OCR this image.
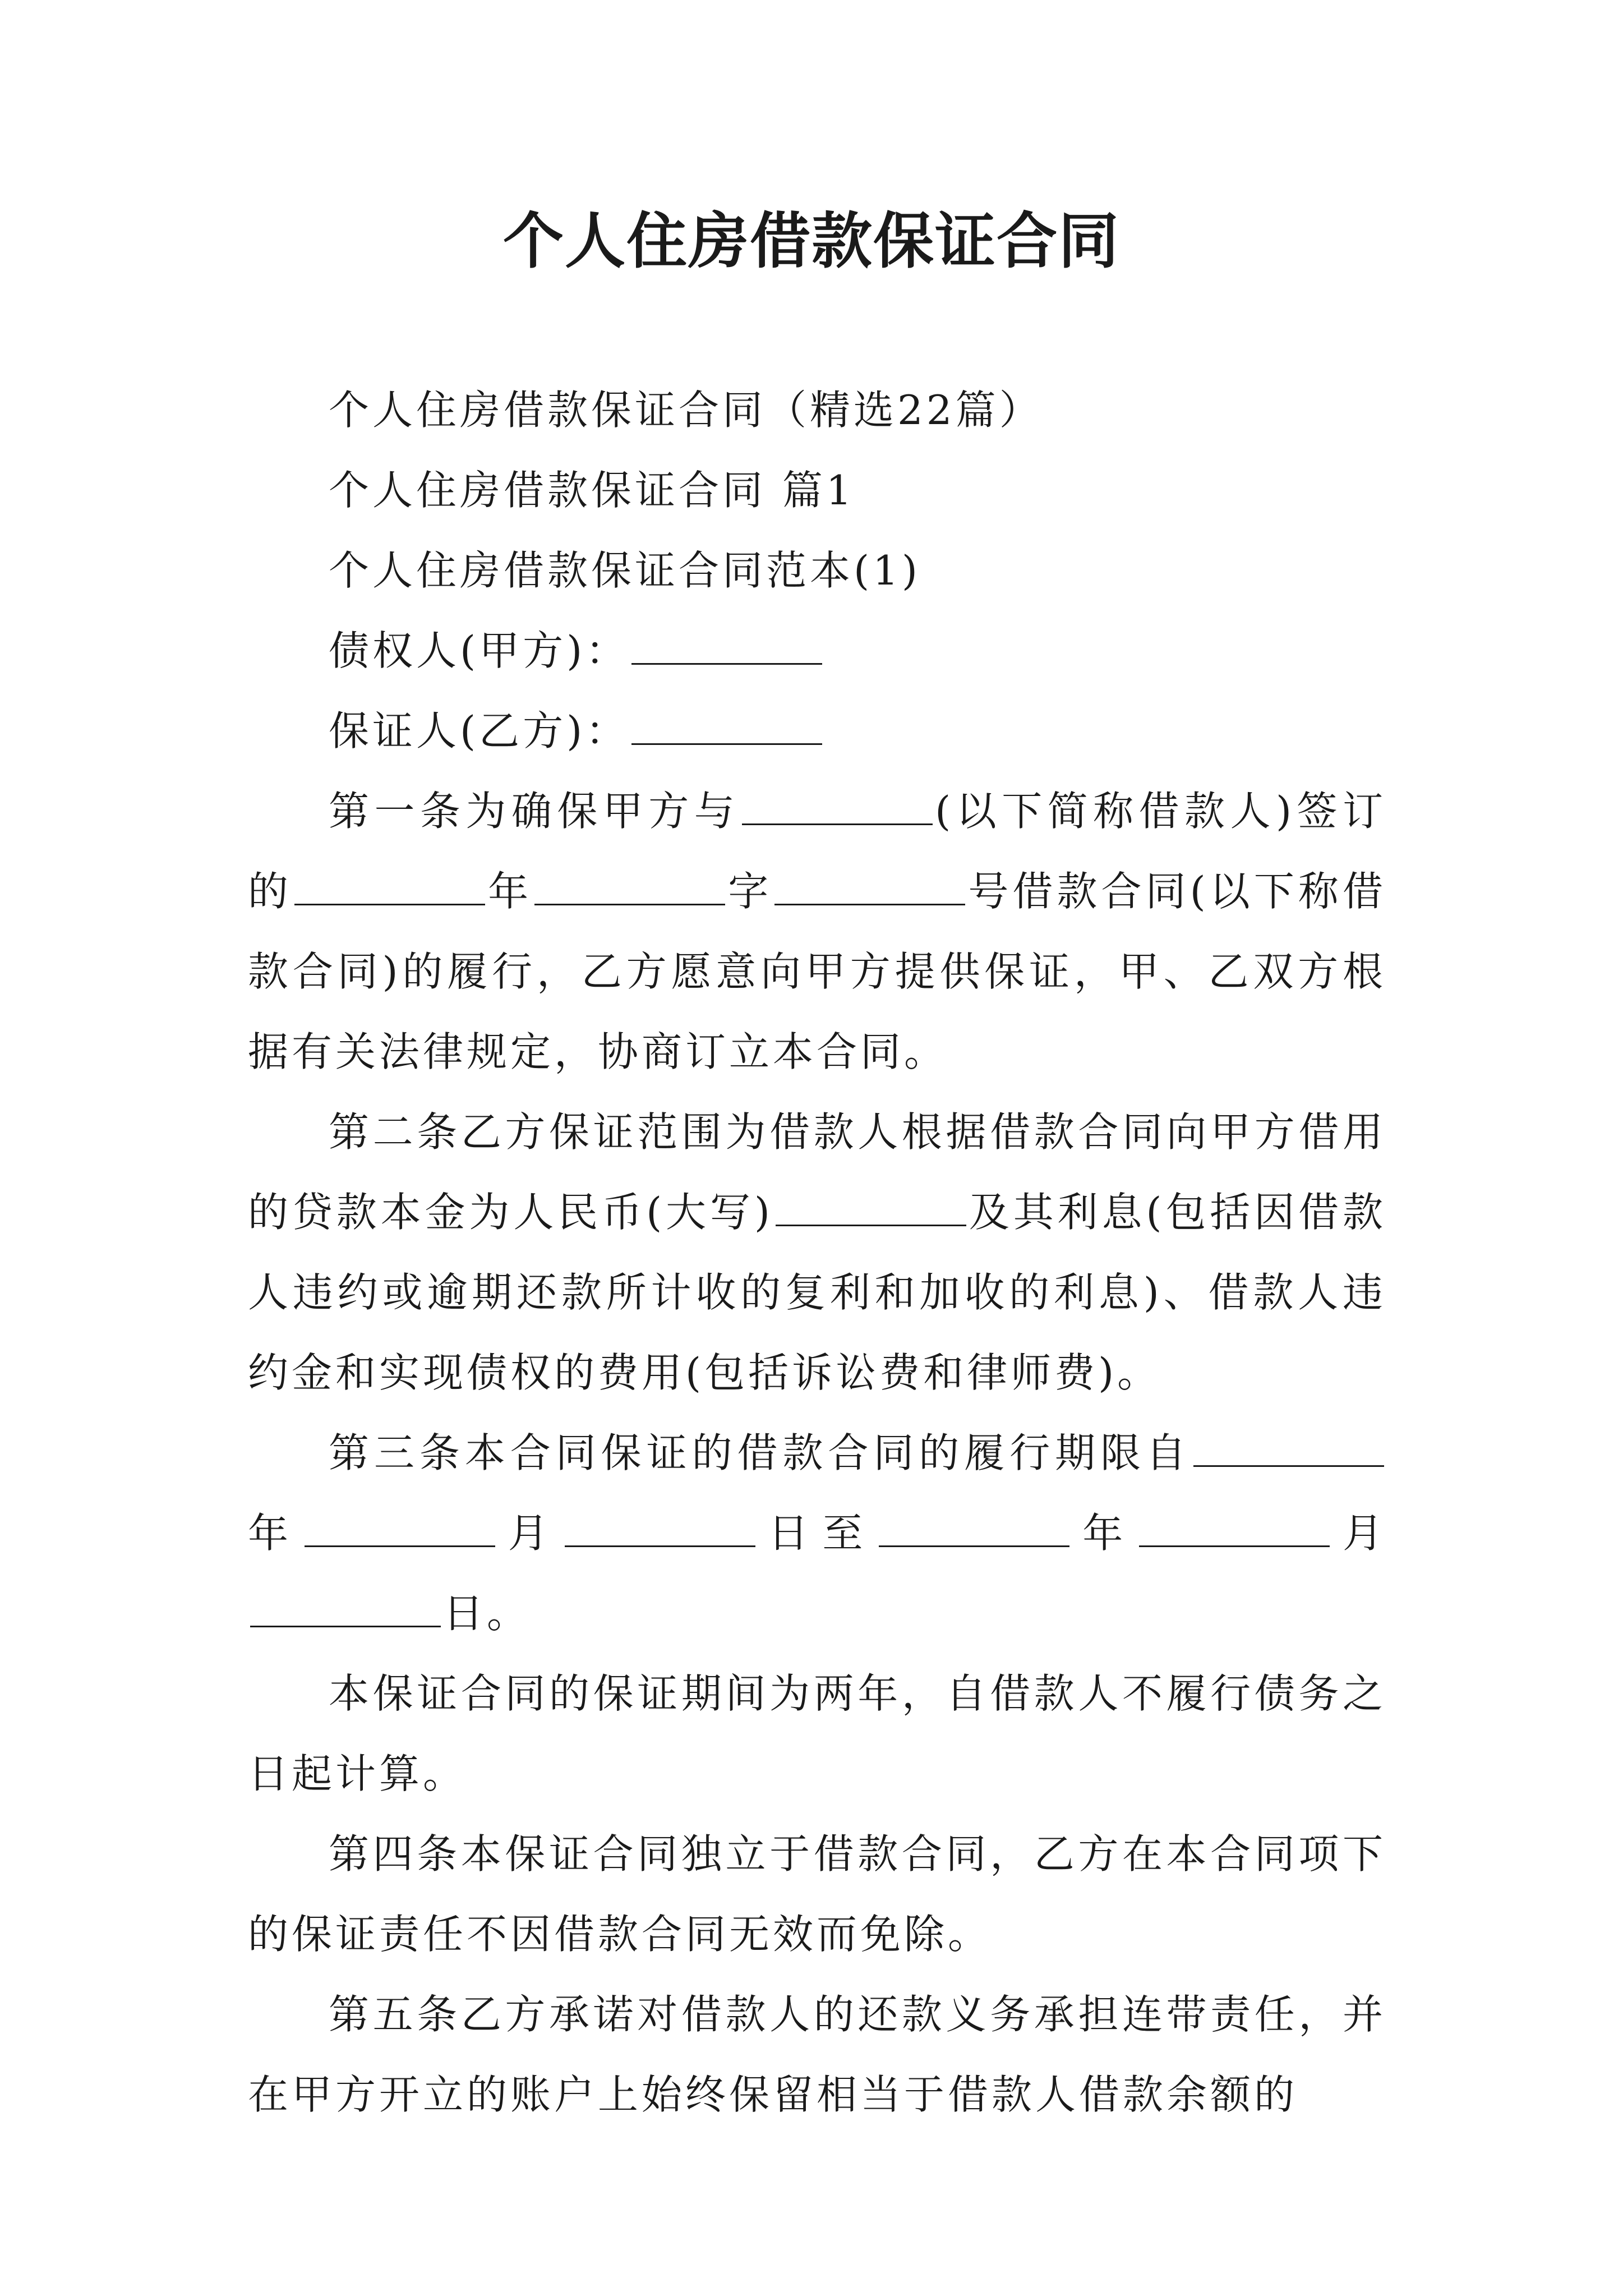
个人住房借款保证合同

个人住房借款保证合同（精选22篇）

个人住房借款保证合同 篇1

个人住房借款保证合同范本(1)

债权人(甲方)：

保证人(乙方)：

第一条为确保甲方与	(以下简称借款人)签订的	年	字	号借款合同(以下称借款合同)的履行，乙方愿意向甲方提供保证，甲、乙双方根据有关法律规定，协商订立本合同。

第二条乙方保证范围为借款人根据借款合同向甲方借用的贷款本金为人民币(大写)	及其利息(包括因借款人违约或逾期还款所计收的复利和加收的利息)、借款人违约金和实现债权的费用(包括诉讼费和律师费)。

第三条本合同保证的借款合同的履行期限自年	月	日至	年	月日。

本保证合同的保证期间为两年，自借款人不履行债务之日起计算。

第四条本保证合同独立于借款合同，乙方在本合同项下的保证责任不因借款合同无效而免除。

第五条乙方承诺对借款人的还款义务承担连带责任，并在甲方开立的账户上始终保留相当于借款人借款余额的
